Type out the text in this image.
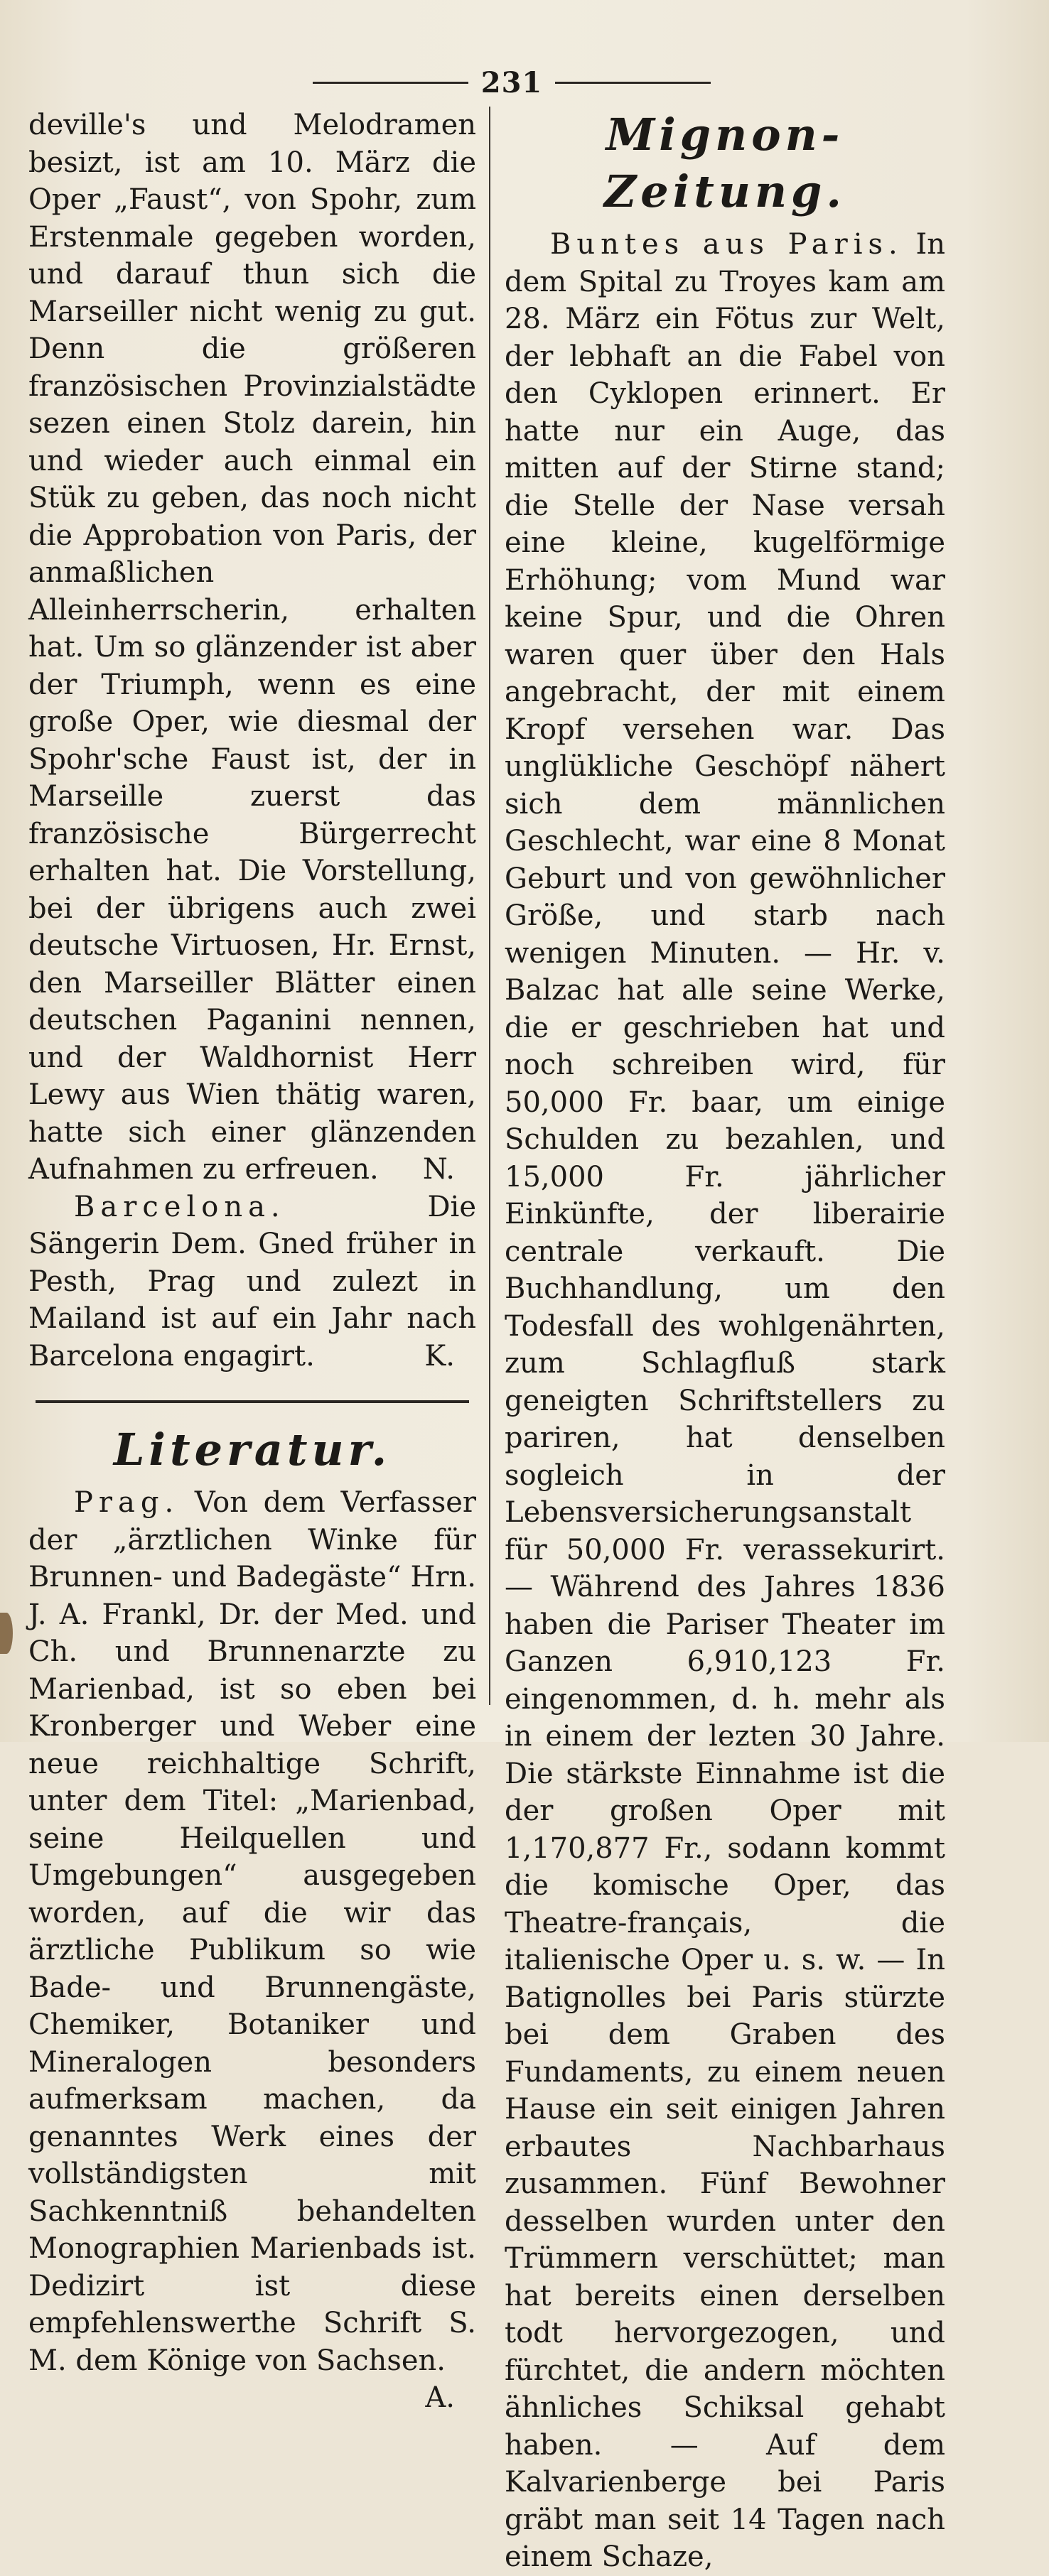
231

deville's und Melodramen besizt, ist am 10. März die Oper „Faust“, von Spohr, zum Erstenmale gegeben worden, und darauf thun sich die Marseiller nicht wenig zu gut. Denn die größeren französischen Provinzialstädte sezen einen Stolz darein, hin und wieder auch einmal ein Stük zu geben, das noch nicht die Approbation von Paris, der anmaßlichen Alleinherrscherin, erhalten hat. Um so glänzender ist aber der Triumph, wenn es eine große Oper, wie diesmal der Spohr'sche Faust ist, der in Marseille zuerst das französische Bürgerrecht erhalten hat. Die Vorstellung, bei der übrigens auch zwei deutsche Virtuosen, Hr. Ernst, den Marseiller Blätter einen deutschen Paganini nennen, und der Waldhornist Herr Lewy aus Wien thätig waren, hatte sich einer glänzenden Aufnahmen zu erfreuen. N.

Barcelona.	Die Sängerin Dem. Gned früher in Pesth, Prag und zulezt in Mailand ist auf ein Jahr nach Barcelona engagirt.	K.

Literatur.

Prag. Von dem Verfasser der „ärztlichen Winke für Brunnen- und Badegäste“ Hrn. J. A. Frankl, Dr. der Med. und Ch. und Brunnenarzte zu Marienbad, ist so eben bei Kronberger und Weber eine neue reichhaltige Schrift, unter dem Titel: „Marienbad, seine Heilquellen und Umgebungen“ ausgegeben worden, auf die wir das ärztliche Publikum so wie Bade- und Brunnengäste, Chemiker, Botaniker und Mineralogen besonders aufmerksam machen, da genanntes Werk eines der vollständigsten mit Sachkenntniß behandelten Monographien Marienbads ist. Dedizirt ist diese empfehlenswerthe Schrift S. M. dem Könige von Sachsen.
A.

Mignon-Zeitung.

Buntes aus Paris. In dem Spital zu Troyes kam am 28. März ein Fötus zur Welt, der lebhaft an die Fabel von den Cyklopen erinnert. Er hatte nur ein Auge, das mitten auf der Stirne stand; die Stelle der Nase versah eine kleine, kugelförmige Erhöhung; vom Mund war keine Spur, und die Ohren waren quer über den Hals angebracht, der mit einem Kropf versehen war. Das unglükliche Geschöpf nähert sich dem männlichen Geschlecht, war eine 8 Monat Geburt und von gewöhnlicher Größe, und starb nach wenigen Minuten. — Hr. v. Balzac hat alle seine Werke, die er geschrieben hat und noch schreiben wird, für 50,000 Fr. baar, um einige Schulden zu bezahlen, und 15,000 Fr. jährlicher Einkünfte, der liberairie centrale verkauft. Die Buchhandlung, um den Todesfall des wohlgenährten, zum Schlagfluß stark geneigten Schriftstellers zu pariren, hat denselben sogleich in der Lebensversicherungsanstalt für 50,000 Fr. verassekurirt. — Während des Jahres 1836 haben die Pariser Theater im Ganzen 6,910,123 Fr. eingenommen, d. h. mehr als in einem der lezten 30 Jahre. Die stärkste Einnahme ist die der großen Oper mit 1,170,877 Fr., sodann kommt die komische Oper, das Theatre-français, die italienische Oper u. s. w. — In Batignolles bei Paris stürzte bei dem Graben des Fundaments, zu einem neuen Hause ein seit einigen Jahren erbautes Nachbarhaus zusammen. Fünf Bewohner desselben wurden unter den Trümmern verschüttet; man hat bereits einen derselben todt hervorgezogen, und fürchtet, die andern möchten ähnliches Schiksal gehabt haben. — Auf dem Kalvarienberge bei Paris gräbt man seit 14 Tagen nach einem Schaze,
